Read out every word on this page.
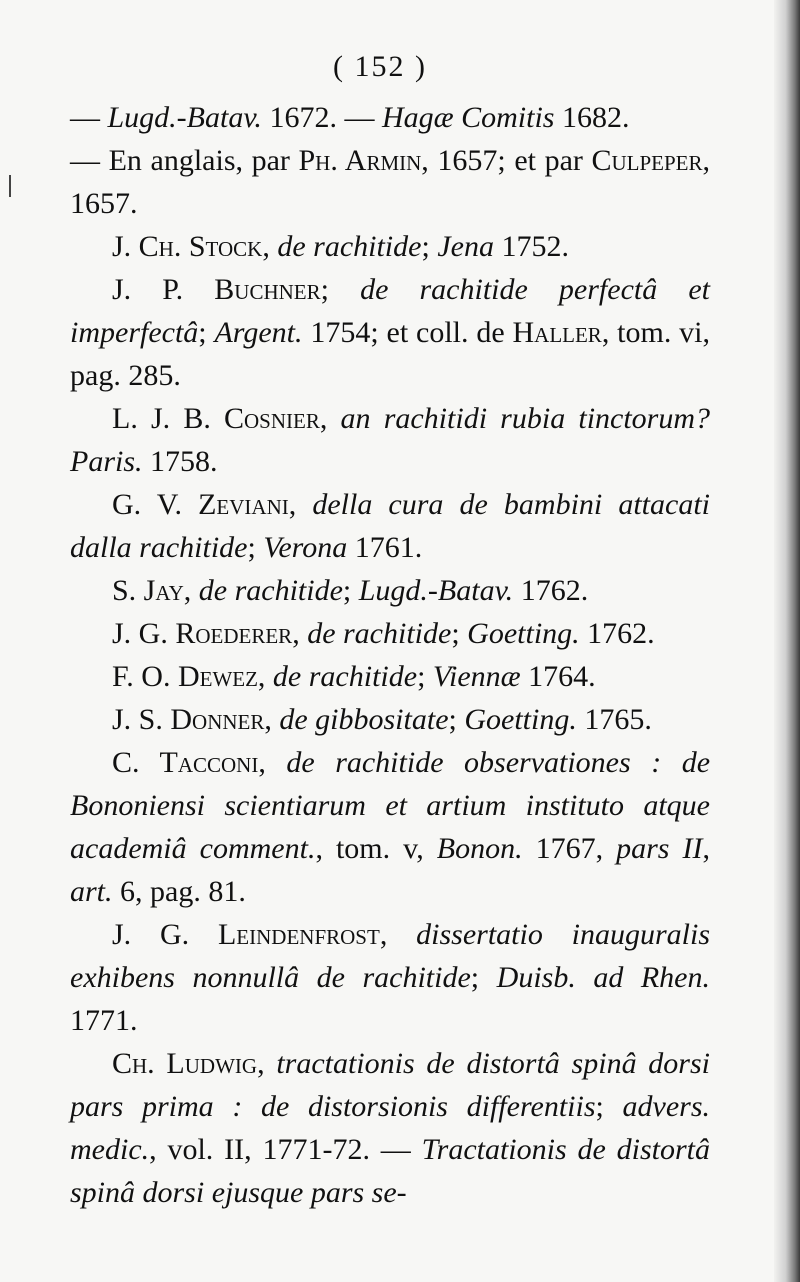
( 152 )

— Lugd.-Batav. 1672. — Hagæ Comitis 1682.

— En anglais, par Ph. Armin, 1657; et par Culpeper, 1657.

J. Ch. Stock, de rachitide; Jena 1752.

J. P. Buchner; de rachitide perfectâ et imperfectâ; Argent. 1754; et coll. de Haller, tom. vi, pag. 285.

L. J. B. Cosnier, an rachitidi rubia tinctorum? Paris. 1758.

G. V. Zeviani, della cura de bambini attacati dalla rachitide; Verona 1761.

S. Jay, de rachitide; Lugd.-Batav. 1762.

J. G. Roederer, de rachitide; Goetting. 1762.

F. O. Dewez, de rachitide; Viennæ 1764.

J. S. Donner, de gibbositate; Goetting. 1765.

C. Tacconi, de rachitide observationes : de Bononiensi scientiarum et artium instituto atque academiâ comment., tom. v, Bonon. 1767, pars II, art. 6, pag. 81.

J. G. Leindenfrost, dissertatio inauguralis exhibens nonnullâ de rachitide; Duisb. ad Rhen. 1771.

Ch. Ludwig, tractationis de distortâ spinâ dorsi pars prima : de distorsionis differentiis; advers. medic., vol. II, 1771-72. — Tractationis de distortâ spinâ dorsi ejusque pars se-
